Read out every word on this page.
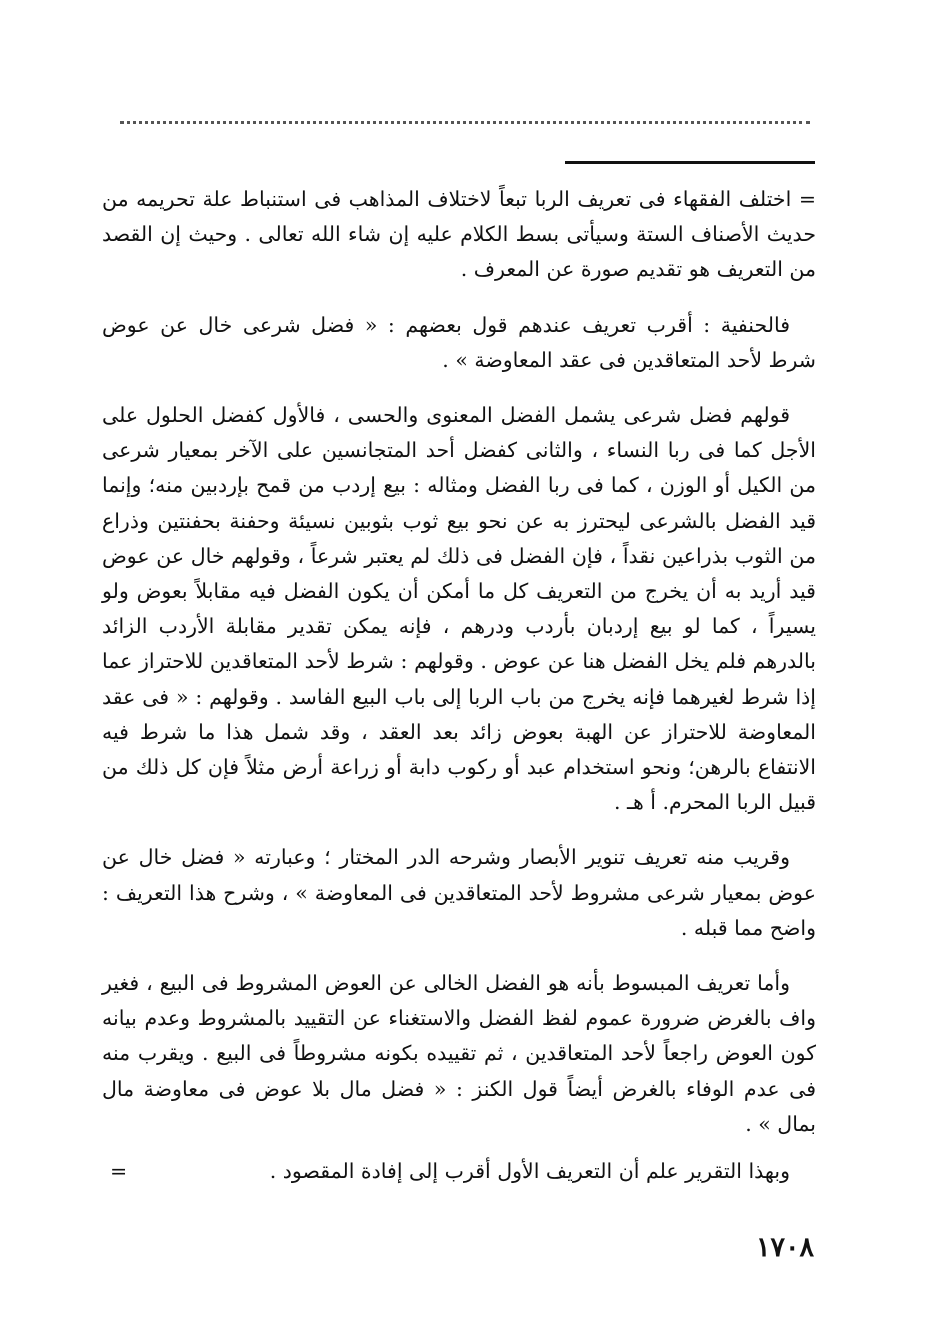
= اختلف الفقهاء فى تعريف الربا تبعاً لاختلاف المذاهب فى استنباط علة تحريمه من حديث الأصناف الستة وسيأتى بسط الكلام عليه إن شاء الله تعالى . وحيث إن القصد من التعريف هو تقديم صورة عن المعرف .

فالحنفية : أقرب تعريف عندهم قول بعضهم : « فضل شرعى خال عن عوض شرط لأحد المتعاقدين فى عقد المعاوضة » .

قولهم فضل شرعى يشمل الفضل المعنوى والحسى ، فالأول كفضل الحلول على الأجل كما فى ربا النساء ، والثانى كفضل أحد المتجانسين على الآخر بمعيار شرعى من الكيل أو الوزن ، كما فى ربا الفضل ومثاله : بيع إردب من قمح بإردبين منه؛ وإنما قيد الفضل بالشرعى ليحترز به عن نحو بيع ثوب بثوبين نسيئة وحفنة بحفنتين وذراع من الثوب بذراعين نقداً ، فإن الفضل فى ذلك لم يعتبر شرعاً ، وقولهم خال عن عوض قيد أريد به أن يخرج من التعريف كل ما أمكن أن يكون الفضل فيه مقابلاً بعوض ولو يسيراً ، كما لو بيع إردبان بأردب ودرهم ، فإنه يمكن تقدير مقابلة الأردب الزائد بالدرهم فلم يخل الفضل هنا عن عوض . وقولهم : شرط لأحد المتعاقدين للاحتراز عما إذا شرط لغيرهما فإنه يخرج من باب الربا إلى باب البيع الفاسد . وقولهم : « فى عقد المعاوضة للاحتراز عن الهبة بعوض زائد بعد العقد ، وقد شمل هذا ما شرط فيه الانتفاع بالرهن؛ ونحو استخدام عبد أو ركوب دابة أو زراعة أرض مثلاً فإن كل ذلك من قبيل الربا المحرم. أ هـ .

وقريب منه تعريف تنوير الأبصار وشرحه الدر المختار ؛ وعبارته « فضل خال عن عوض بمعيار شرعى مشروط لأحد المتعاقدين فى المعاوضة » ، وشرح هذا التعريف : واضح مما قبله .

وأما تعريف المبسوط بأنه هو الفضل الخالى عن العوض المشروط فى البيع ، فغير واف بالغرض ضرورة عموم لفظ الفضل والاستغناء عن التقييد بالمشروط وعدم بيانه كون العوض راجعاً لأحد المتعاقدين ، ثم تقييده بكونه مشروطاً فى البيع . ويقرب منه فى عدم الوفاء بالغرض أيضاً قول الكنز : « فضل مال بلا عوض فى معاوضة مال بمال » .

وبهذا التقرير علم أن التعريف الأول أقرب إلى إفادة المقصود .
=
١٧٠٨
